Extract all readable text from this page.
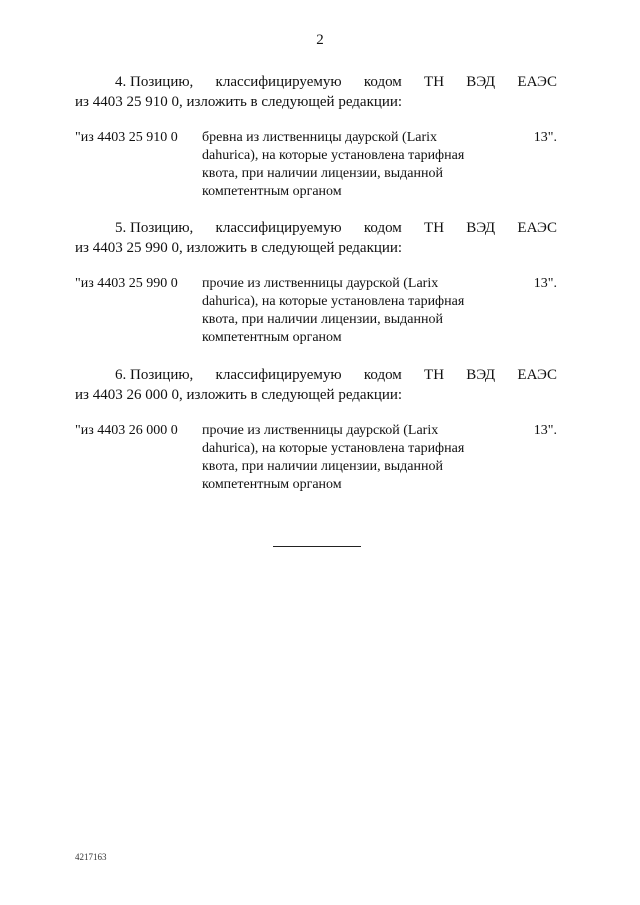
2
4. Позицию, классифицируемую кодом ТН ВЭД ЕАЭС
из 4403 25 910 0, изложить в следующей редакции:
"из 4403 25 910 0 бревна из лиственницы даурской (Larix dahurica), на которые установлена тарифная квота, при наличии лицензии, выданной компетентным органом
13".
5. Позицию, классифицируемую кодом ТН ВЭД ЕАЭС
из 4403 25 990 0, изложить в следующей редакции:
"из 4403 25 990 0 прочие из лиственницы даурской (Larix dahurica), на которые установлена тарифная квота, при наличии лицензии, выданной компетентным органом
13".
6. Позицию, классифицируемую кодом ТН ВЭД ЕАЭС
из 4403 26 000 0, изложить в следующей редакции:
"из 4403 26 000 0 прочие из лиственницы даурской (Larix dahurica), на которые установлена тарифная квота, при наличии лицензии, выданной компетентным органом
13".
4217163
